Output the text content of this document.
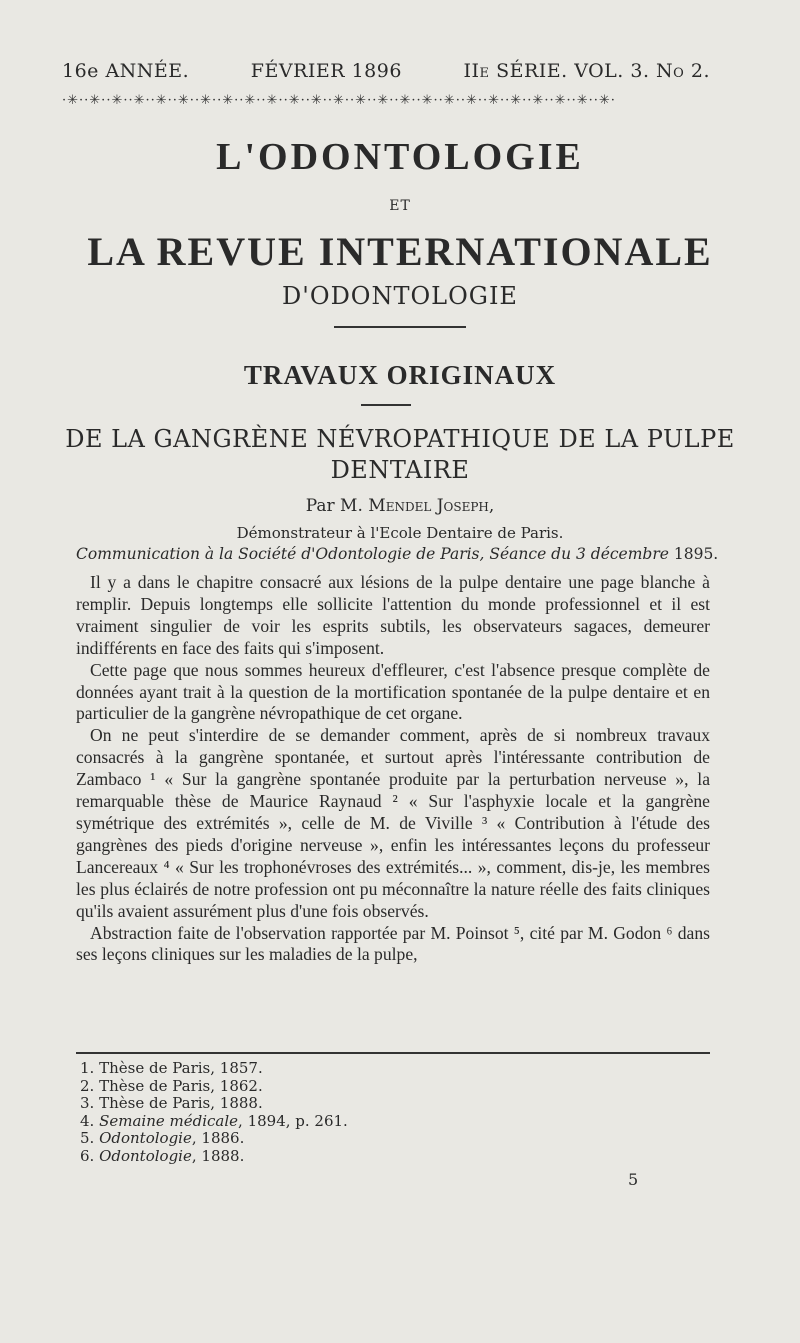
16e ANNÉE.	FÉVRIER 1896	IIe SÉRIE. VOL. 3. No 2.
·✳··✳··✳··✳··✳··✳··✳··✳··✳··✳··✳··✳··✳··✳··✳··✳··✳··✳··✳··✳··✳··✳··✳··✳··✳·
L'ODONTOLOGIE
ET
LA REVUE INTERNATIONALE
D'ODONTOLOGIE
TRAVAUX ORIGINAUX
DE LA GANGRÈNE NÉVROPATHIQUE DE LA PULPE
DENTAIRE
Par M. Mendel Joseph,
Démonstrateur à l'Ecole Dentaire de Paris.
Communication à la Société d'Odontologie de Paris, Séance du 3 décembre 1895.

Il y a dans le chapitre consacré aux lésions de la pulpe dentaire une page blanche à remplir. Depuis longtemps elle sollicite l'attention du monde professionnel et il est vraiment singulier de voir les esprits subtils, les observateurs sagaces, demeurer indifférents en face des faits qui s'imposent.

Cette page que nous sommes heureux d'effleurer, c'est l'absence presque complète de données ayant trait à la question de la mortification spontanée de la pulpe dentaire et en particulier de la gangrène névropathique de cet organe.

On ne peut s'interdire de se demander comment, après de si nombreux travaux consacrés à la gangrène spontanée, et surtout après l'intéressante contribution de Zambaco ¹ « Sur la gangrène spontanée produite par la perturbation nerveuse », la remarquable thèse de Maurice Raynaud ² « Sur l'asphyxie locale et la gangrène symétrique des extrémités », celle de M. de Viville ³ « Contribution à l'étude des gangrènes des pieds d'origine nerveuse », enfin les intéressantes leçons du professeur Lancereaux ⁴ « Sur les trophonévroses des extrémités... », comment, dis-je, les membres les plus éclairés de notre profession ont pu méconnaître la nature réelle des faits cliniques qu'ils avaient assurément plus d'une fois observés.

Abstraction faite de l'observation rapportée par M. Poinsot ⁵, cité par M. Godon ⁶ dans ses leçons cliniques sur les maladies de la pulpe,

1. Thèse de Paris, 1857.
2. Thèse de Paris, 1862.
3. Thèse de Paris, 1888.
4. Semaine médicale, 1894, p. 261.
5. Odontologie, 1886.
6. Odontologie, 1888.
5
